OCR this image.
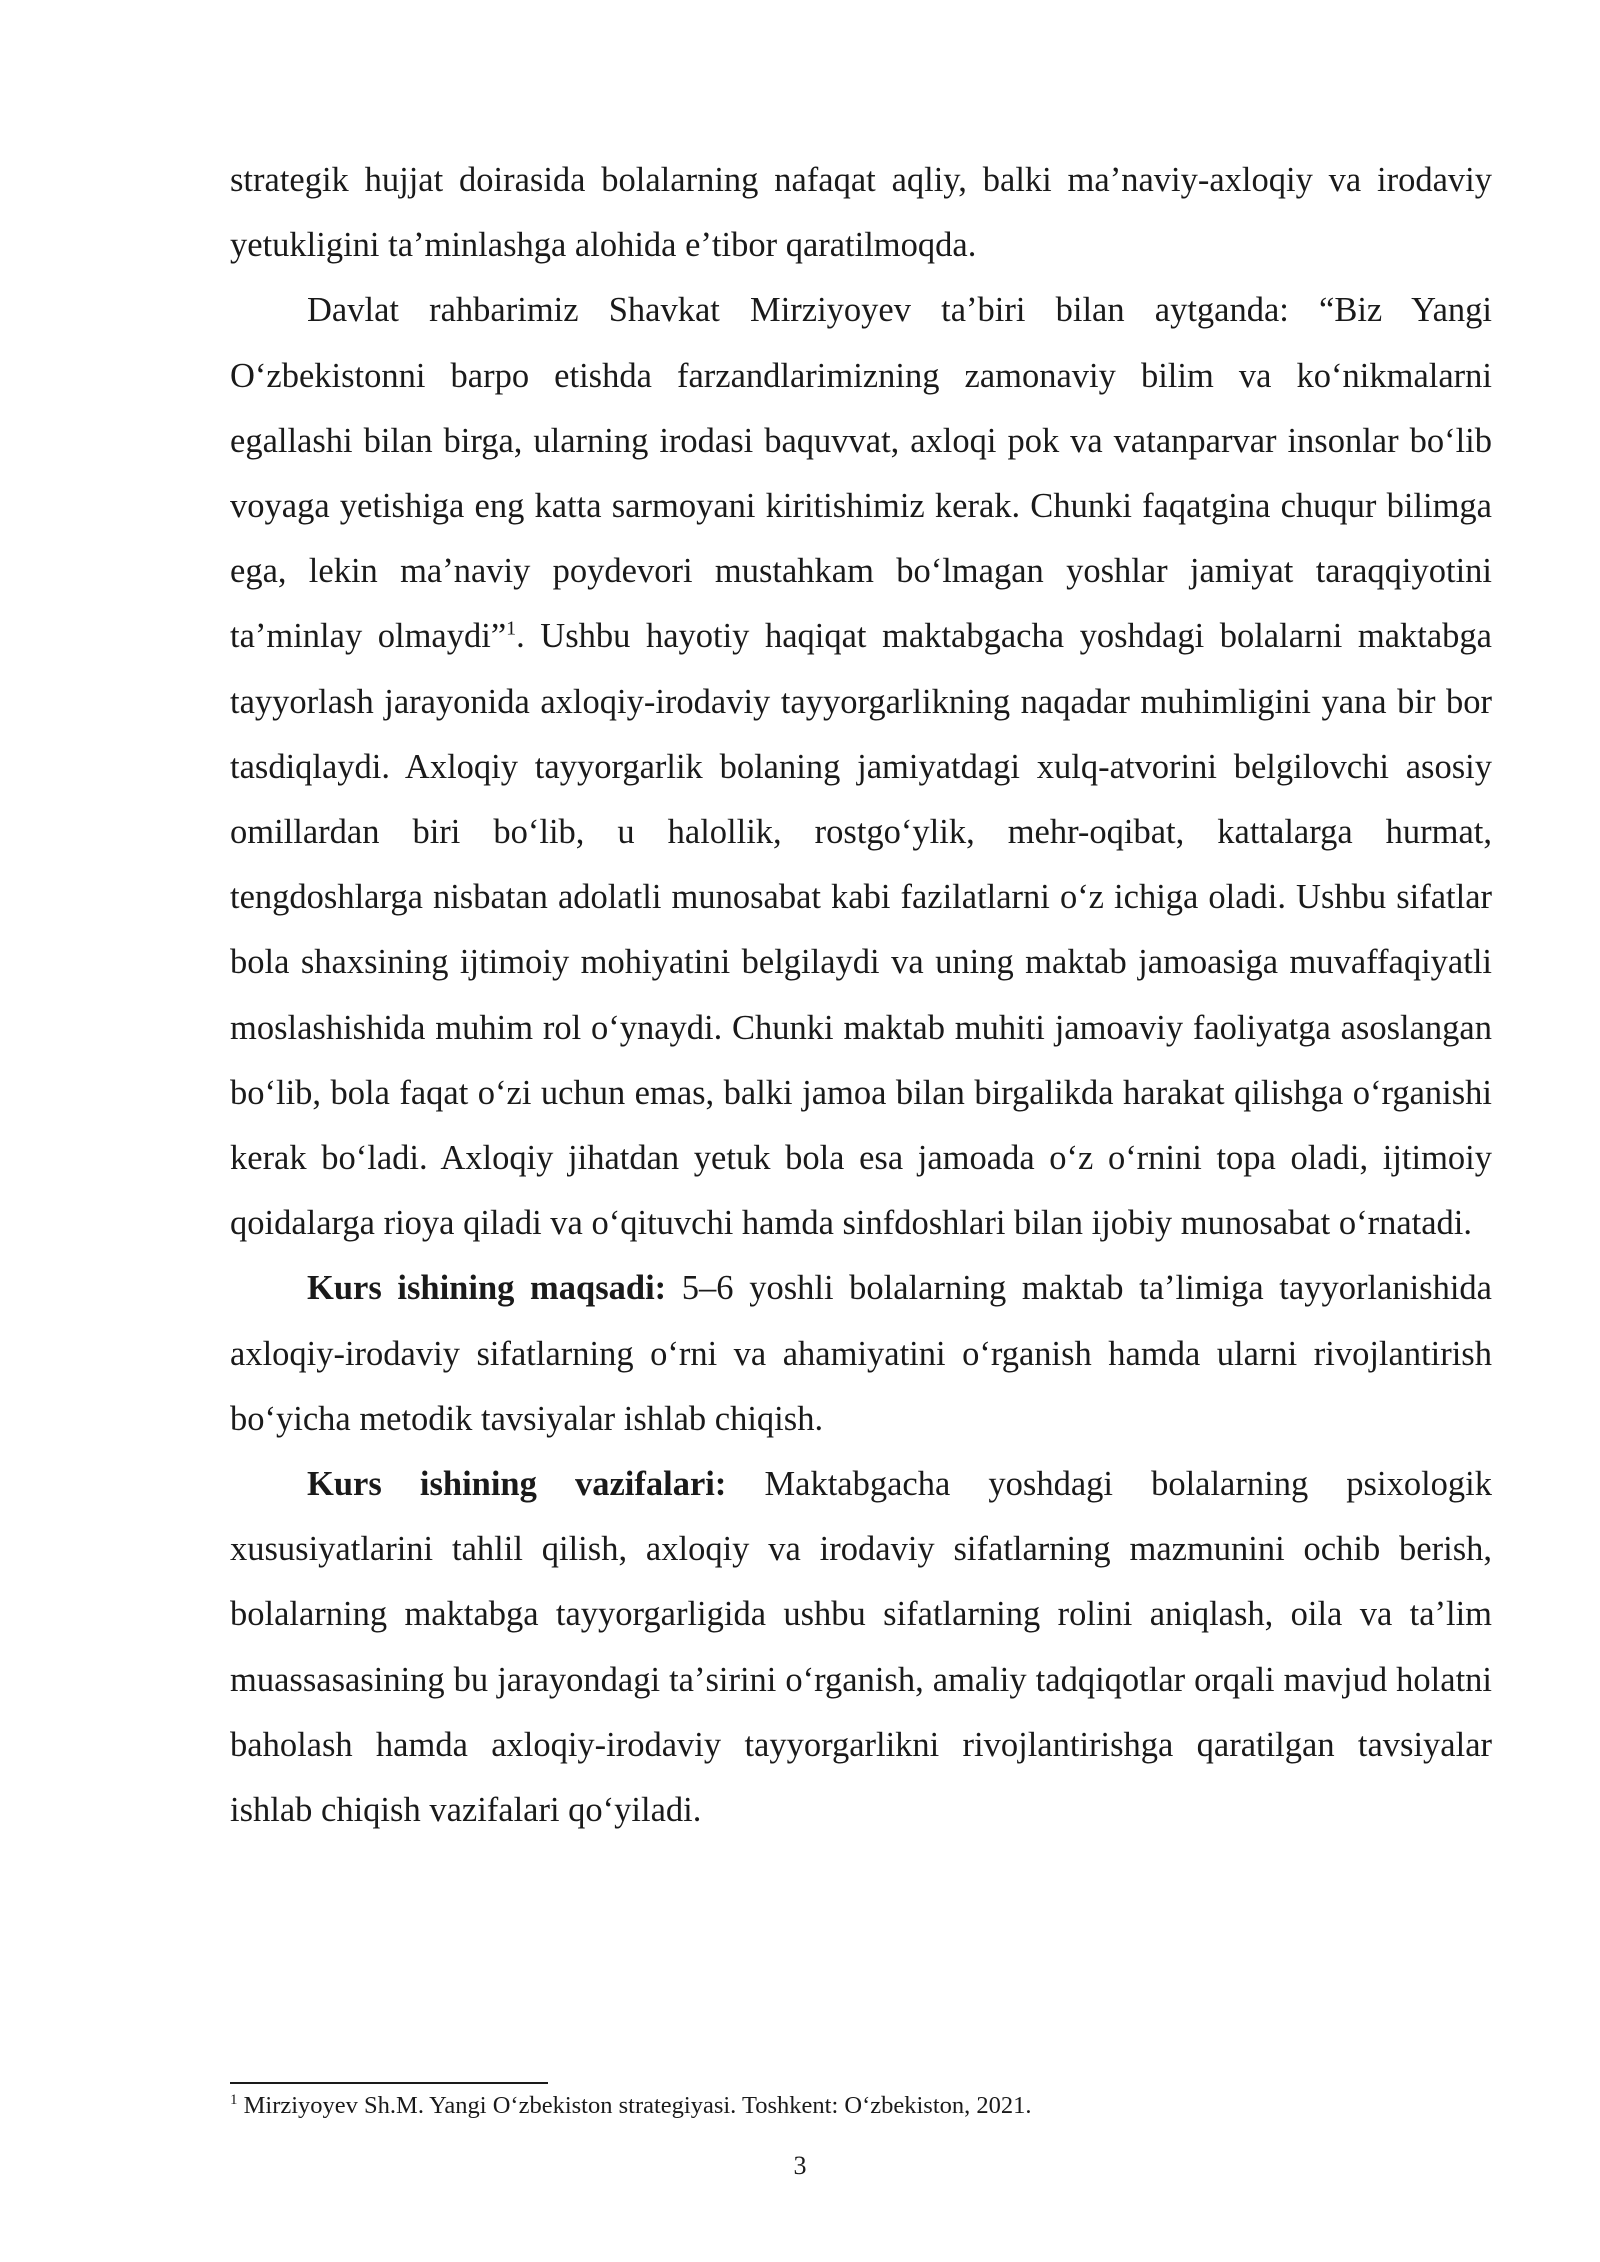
strategik hujjat doirasida bolalarning nafaqat aqliy, balki maʼnaviy-axloqiy va irodaviy yetukligini taʼminlashga alohida eʼtibor qaratilmoqda.

Davlat rahbarimiz Shavkat Mirziyoyev taʼbiri bilan aytganda: “Biz Yangi Oʻzbekistonni barpo etishda farzandlarimizning zamonaviy bilim va koʻnikmalarni egallashi bilan birga, ularning irodasi baquvvat, axloqi pok va vatanparvar insonlar boʻlib voyaga yetishiga eng katta sarmoyani kiritishimiz kerak. Chunki faqatgina chuqur bilimga ega, lekin maʼnaviy poydevori mustahkam boʻlmagan yoshlar jamiyat taraqqiyotini taʼminlay olmaydi”$^1$. Ushbu hayotiy haqiqat maktabgacha yoshdagi bolalarni maktabga tayyorlash jarayonida axloqiy-irodaviy tayyorgarlikning naqadar muhimligini yana bir bor tasdiqlaydi. Axloqiy tayyorgarlik bolaning jamiyatdagi xulq-atvorini belgilovchi asosiy omillardan biri boʻlib, u halollik, rostgoʻylik, mehr-oqibat, kattalarga hurmat, tengdoshlarga nisbatan adolatli munosabat kabi fazilatlarni oʻz ichiga oladi. Ushbu sifatlar bola shaxsining ijtimoiy mohiyatini belgilaydi va uning maktab jamoasiga muvaffaqiyatli moslashishida muhim rol oʻynaydi. Chunki maktab muhiti jamoaviy faoliyatga asoslangan boʻlib, bola faqat oʻzi uchun emas, balki jamoa bilan birgalikda harakat qilishga oʻrganishi kerak boʻladi. Axloqiy jihatdan yetuk bola esa jamoada oʻz oʻrnini topa oladi, ijtimoiy qoidalarga rioya qiladi va oʻqituvchi hamda sinfdoshlari bilan ijobiy munosabat oʻrnatadi.

Kurs ishining maqsadi: 5–6 yoshli bolalarning maktab taʼlimiga tayyorlanishida axloqiy-irodaviy sifatlarning oʻrni va ahamiyatini oʻrganish hamda ularni rivojlantirish boʻyicha metodik tavsiyalar ishlab chiqish.

Kurs ishining vazifalari: Maktabgacha yoshdagi bolalarning psixologik xususiyatlarini tahlil qilish, axloqiy va irodaviy sifatlarning mazmunini ochib berish, bolalarning maktabga tayyorgarligida ushbu sifatlarning rolini aniqlash, oila va taʼlim muassasasining bu jarayondagi taʼsirini oʻrganish, amaliy tadqiqotlar orqali mavjud holatni baholash hamda axloqiy-irodaviy tayyorgarlikni rivojlantirishga qaratilgan tavsiyalar ishlab chiqish vazifalari qoʻyiladi.

$^1$ Mirziyoyev Sh.M. Yangi Oʻzbekiston strategiyasi. Toshkent: Oʻzbekiston, 2021.
3
